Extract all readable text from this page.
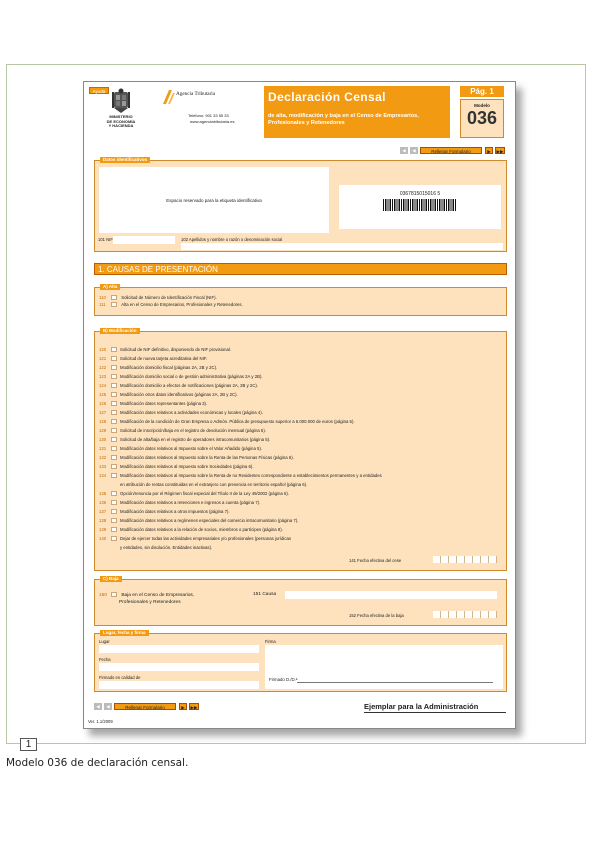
Ayuda
MINISTERIO
DE ECONOMÍA
Y HACIENDA
Agencia Tributaria
Teléfono: 901 33 55 33
www.agenciatributaria.es
Declaración Censal
de alta, modificación y baja en el Censo de Empresarios, Profesionales y Retenedores
Pág. 1
Modelo
036
◀	◀	Rellenar Formulario	▶	▶▶
Espacio reservado para la etiqueta identificativa
0367815015016 5
101 NIF	102 Apellidos y nombre o razón o denominación social
Datos identificativos
1. CAUSAS DE PRESENTACIÓN
110	Solicitud de Número de Identificación Fiscal (NIF).
111	Alta en el Censo de Empresarios, Profesionales y Retenedores.
A) Alta
120	Solicitud de NIF definitivo, disponiendo de NIF provisional.
121	Solicitud de nueva tarjeta acreditativa del NIF.
122	Modificación domicilio fiscal (páginas 2A, 2B y 2C).
123	Modificación domicilio social o de gestión administrativa (páginas 2A y 2B).
124	Modificación domicilio a efectos de notificaciones (páginas 2A, 2B y 2C).
125	Modificación otros datos identificativos (páginas 2A, 2B y 2C).
126	Modificación datos representantes (página 3).
127	Modificación datos relativos a actividades económicas y locales (página 4).
128	Modificación de la condición de Gran Empresa o Admón. Pública de presupuesto superior a 6.000.000 de euros (página 5).
129	Solicitud de inscripción/baja en el registro de devolución mensual (página 5).
130	Solicitud de alta/baja en el registro de operadores intracomunitarios (página 5).
131	Modificación datos relativos al Impuesto sobre el Valor Añadido (página 5).
132	Modificación datos relativos al Impuesto sobre la Renta de las Personas Físicas (página 6).
133	Modificación datos relativos al Impuesto sobre Sociedades (página 6).
134	Modificación datos relativos al Impuesto sobre la Renta de no Residentes correspondiente a establecimientos permanentes y a entidades
en atribución de rentas constituidas en el extranjero con presencia en territorio español (página 6).
135	Opción/renuncia por el Régimen fiscal especial del Título II de la Ley 49/2002 (página 6).
136	Modificación datos relativos a retenciones e ingresos a cuenta (página 7).
137	Modificación datos relativos a otros impuestos (página 7).
138	Modificación datos relativos a regímenes especiales del comercio intracomunitario (página 7).
139	Modificación datos relativos a la relación de socios, miembros o partícipes (página 8).
140	Dejar de ejercer todas las actividades empresariales y/o profesionales (personas jurídicas
y entidades, sin disolución. Entidades inactivas).
141 Fecha efectiva del cese
B) Modificación
150	Baja en el Censo de Empresarios,
Profesionales y Retenedores
151 Causa
152 Fecha efectiva de la baja
C) Baja
Lugar
Fecha
Firmado en calidad de
Firma
Firmado D./D.ª
Lugar, fecha y firma
◀	◀	Rellenar Formulario	▶	▶▶	Ejemplar para la Administración
Ver. 1.1/2009
1
Modelo 036 de declaración censal.
